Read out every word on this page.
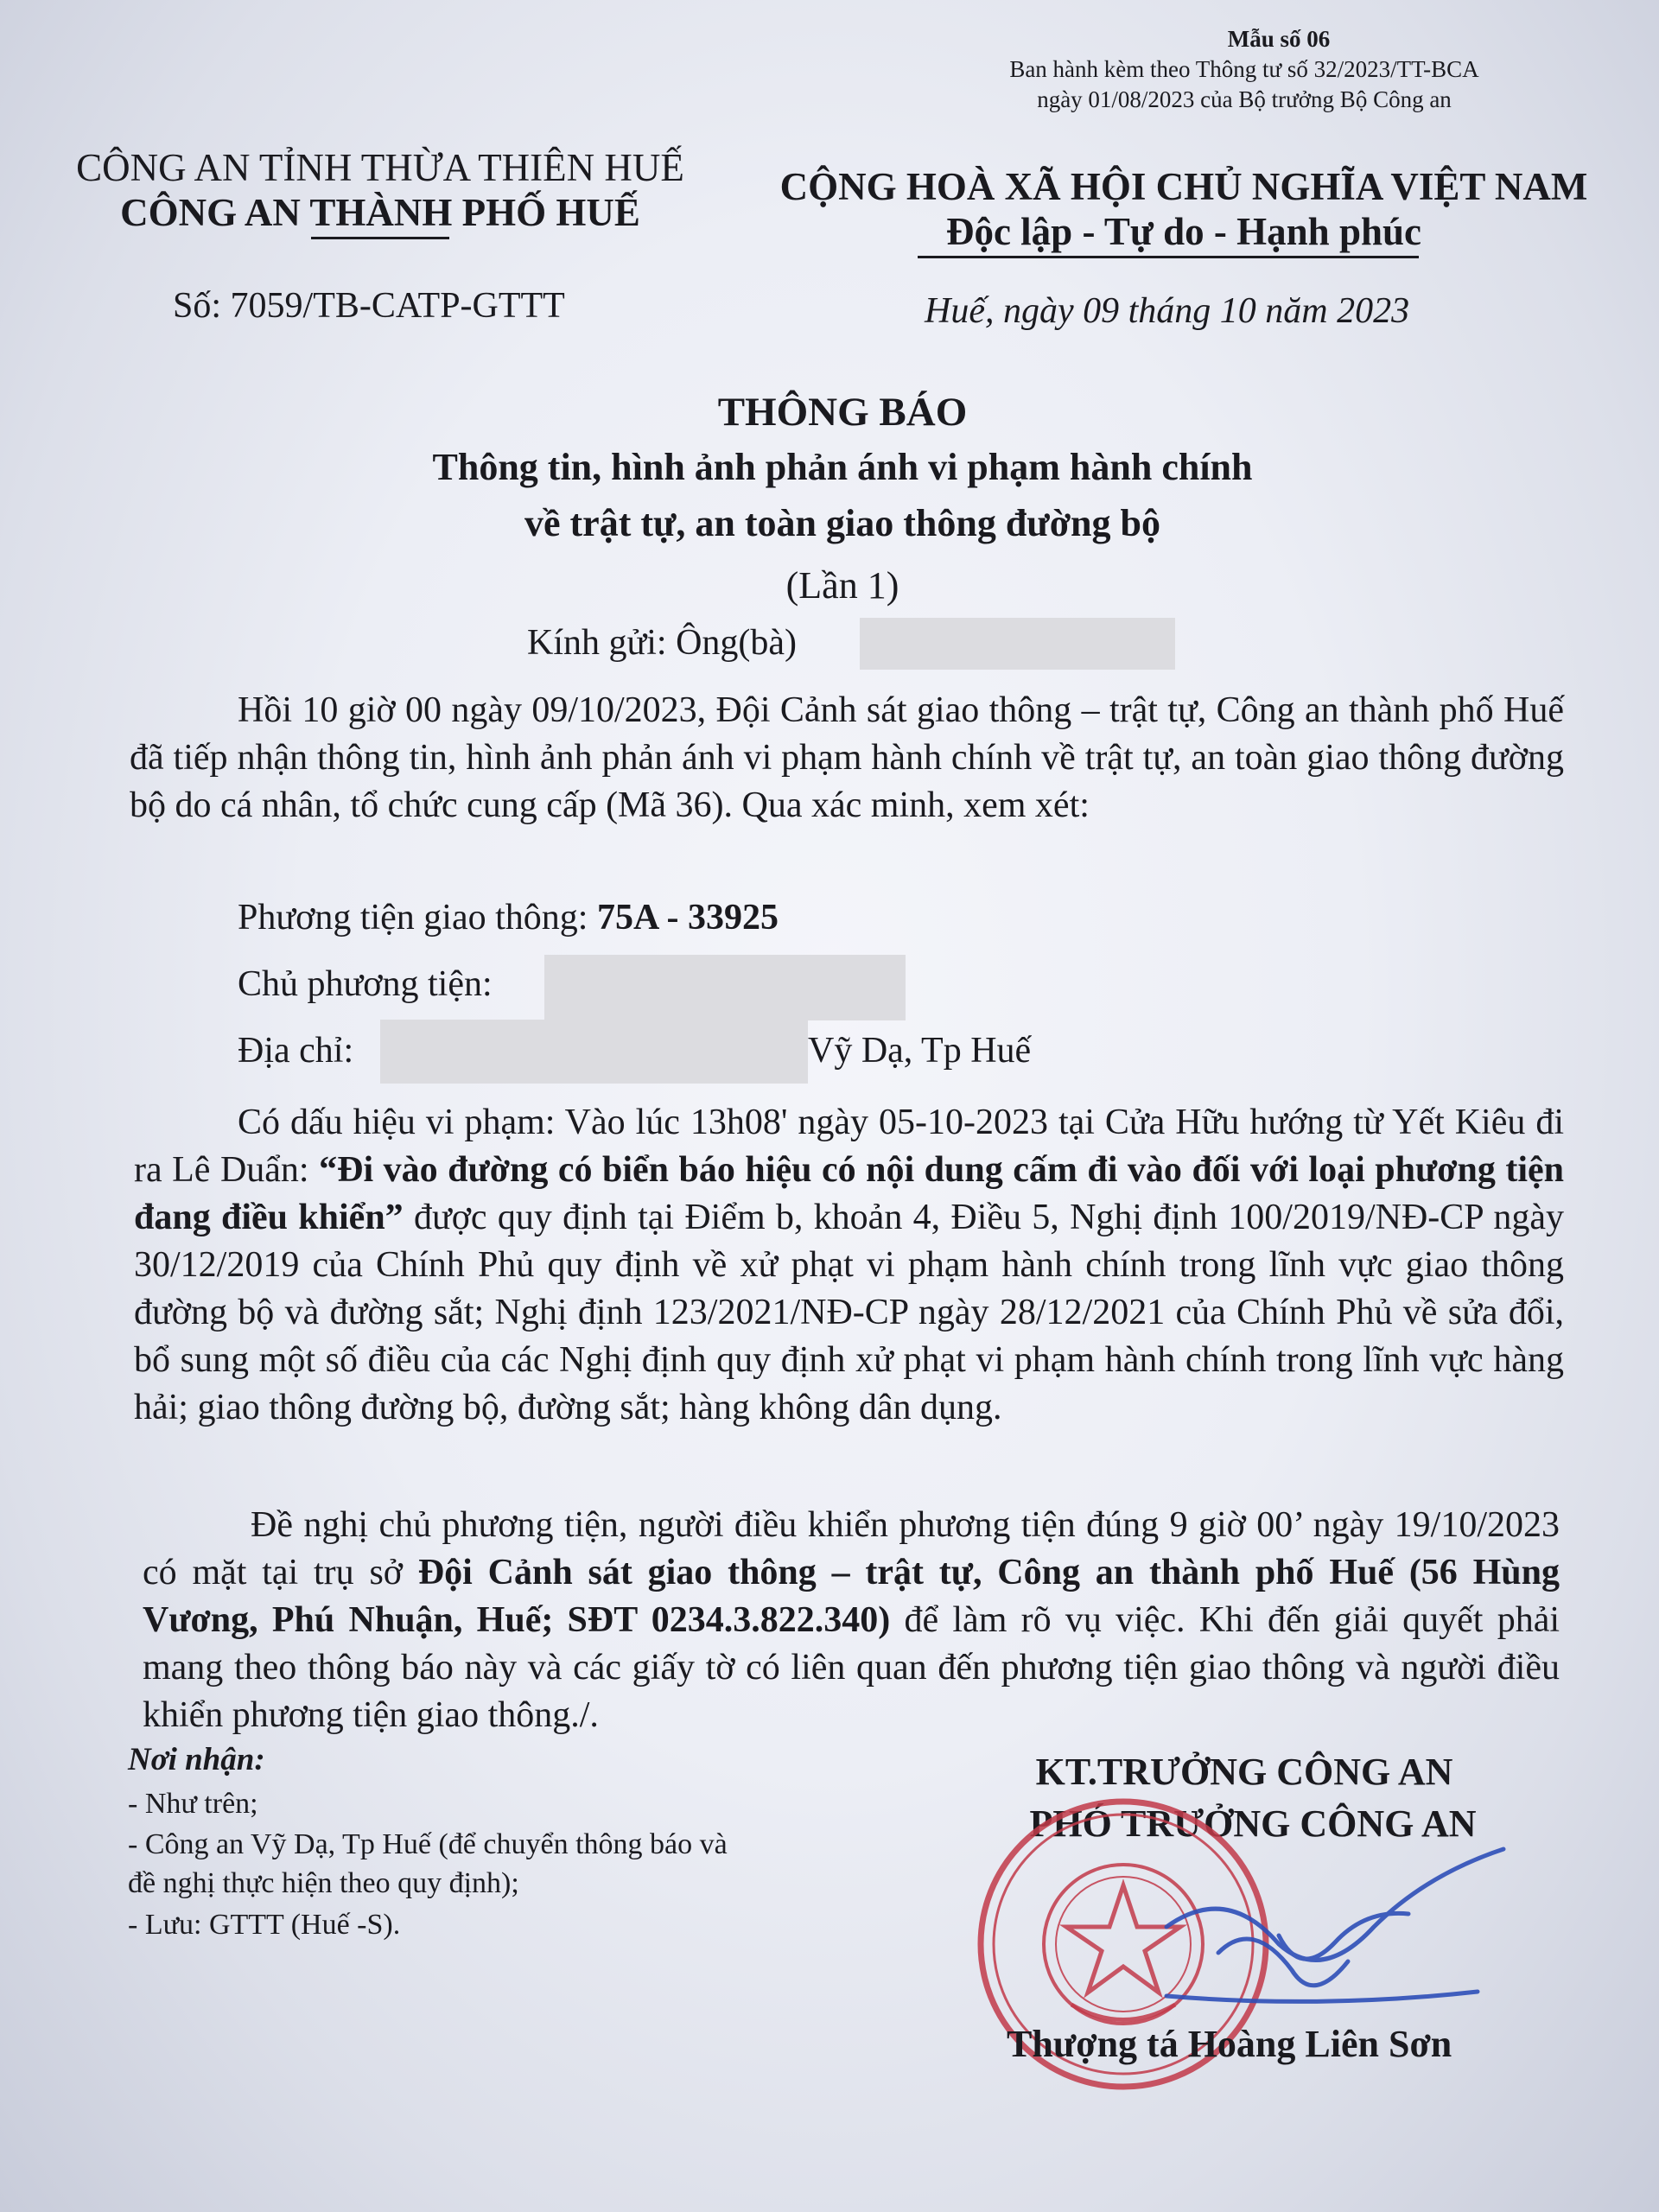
Mẫu số 06
Ban hành kèm theo Thông tư số 32/2023/TT-BCA
ngày 01/08/2023 của Bộ trưởng Bộ Công an
CÔNG AN TỈNH THỪA THIÊN HUẾ
CÔNG AN THÀNH PHỐ HUẾ
Số: 7059/TB-CATP-GTTT
CỘNG HOÀ XÃ HỘI CHỦ NGHĨA VIỆT NAM
Độc lập - Tự do - Hạnh phúc
Huế, ngày 09 tháng 10 năm 2023
THÔNG BÁO
Thông tin, hình ảnh phản ánh vi phạm hành chính
về trật tự, an toàn giao thông đường bộ
(Lần 1)
Kính gửi: Ông(bà)
Hồi 10 giờ 00 ngày 09/10/2023, Đội Cảnh sát giao thông – trật tự, Công an thành phố Huế đã tiếp nhận thông tin, hình ảnh phản ánh vi phạm hành chính về trật tự, an toàn giao thông đường bộ do cá nhân, tổ chức cung cấp (Mã 36). Qua xác minh, xem xét:
Phương tiện giao thông: 75A - 33925
Chủ phương tiện:
Địa chỉ:	Vỹ Dạ, Tp Huế
Có dấu hiệu vi phạm: Vào lúc 13h08' ngày 05-10-2023 tại Cửa Hữu hướng từ Yết Kiêu đi ra Lê Duẩn: “Đi vào đường có biển báo hiệu có nội dung cấm đi vào đối với loại phương tiện đang điều khiển” được quy định tại Điểm b, khoản 4, Điều 5, Nghị định 100/2019/NĐ-CP ngày 30/12/2019 của Chính Phủ quy định về xử phạt vi phạm hành chính trong lĩnh vực giao thông đường bộ và đường sắt; Nghị định 123/2021/NĐ-CP ngày 28/12/2021 của Chính Phủ về sửa đổi, bổ sung một số điều của các Nghị định quy định xử phạt vi phạm hành chính trong lĩnh vực hàng hải; giao thông đường bộ, đường sắt; hàng không dân dụng.
Đề nghị chủ phương tiện, người điều khiển phương tiện đúng 9 giờ 00’ ngày 19/10/2023 có mặt tại trụ sở Đội Cảnh sát giao thông – trật tự, Công an thành phố Huế (56 Hùng Vương, Phú Nhuận, Huế; SĐT 0234.3.822.340) để làm rõ vụ việc. Khi đến giải quyết phải mang theo thông báo này và các giấy tờ có liên quan đến phương tiện giao thông và người điều khiển phương tiện giao thông./.
Nơi nhận:
- Như trên;
- Công an Vỹ Dạ, Tp Huế (để chuyển thông báo và
đề nghị thực hiện theo quy định);
- Lưu: GTTT (Huế -S).
KT.TRƯỞNG CÔNG AN
PHÓ TRƯỞNG CÔNG AN
Thượng tá Hoàng Liên Sơn
